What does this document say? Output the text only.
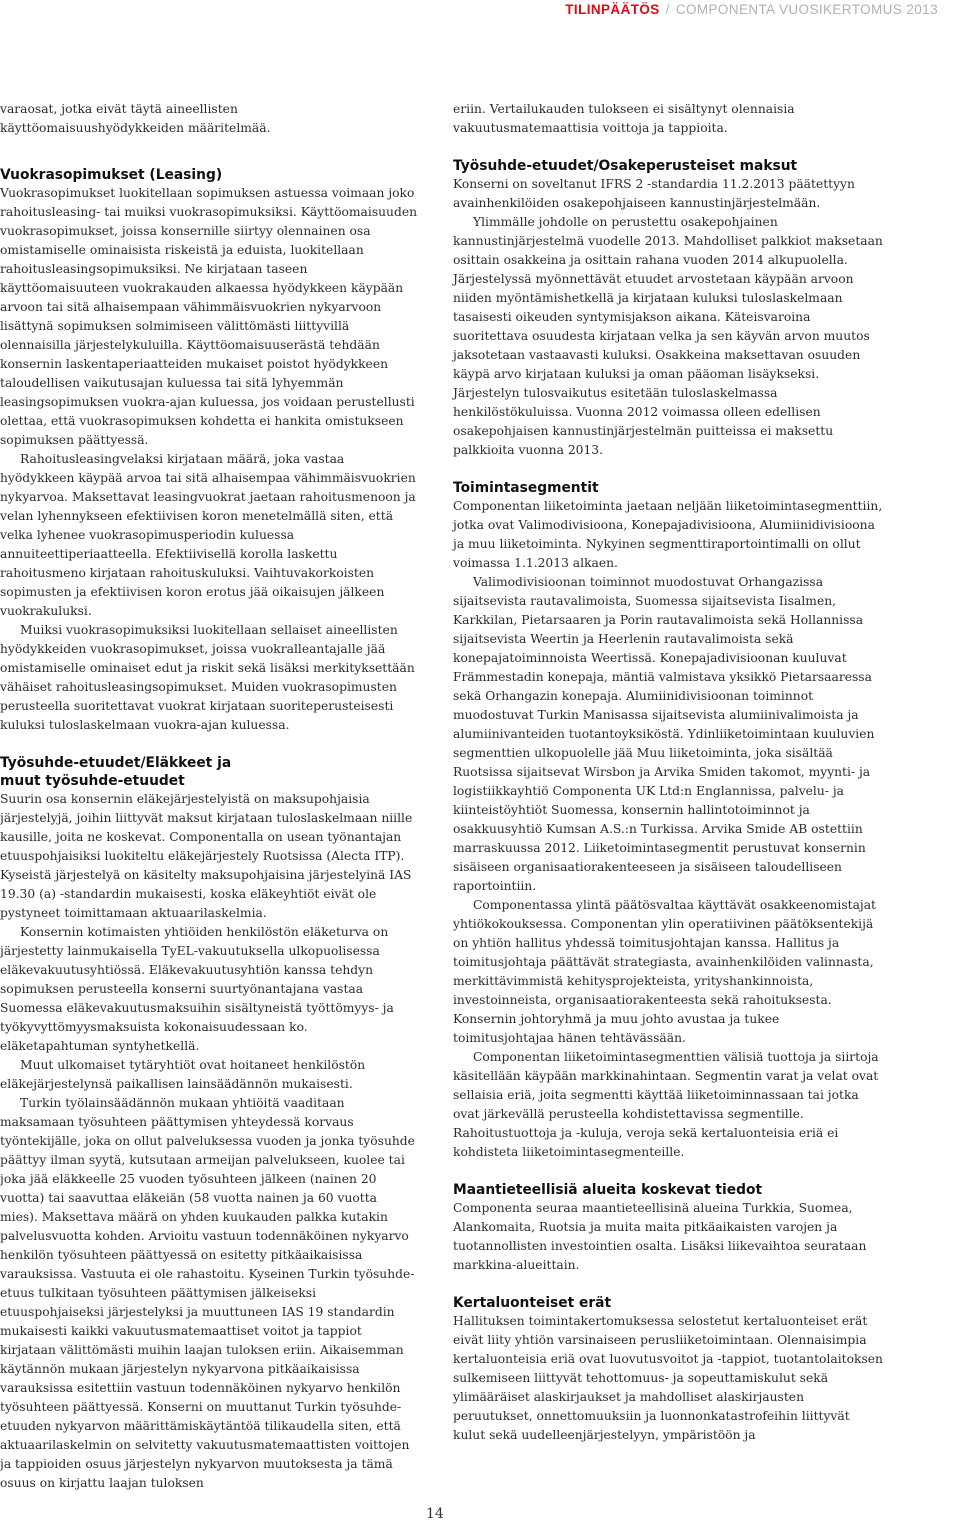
TILINPÄÄTÖS / COMPONENTA VUOSIKERTOMUS 2013

varaosat, jotka eivät täytä aineellisten käyttöomaisuushyödykkeiden määritelmää.

Vuokrasopimukset (Leasing)

Vuokrasopimukset luokitellaan sopimuksen astuessa voimaan joko rahoitusleasing- tai muiksi vuokrasopimuksiksi. Käyttöomaisuuden vuokrasopimukset, joissa konsernille siirtyy olennainen osa omistamiselle ominaisista riskeistä ja eduista, luokitellaan rahoitusleasingsopimuksiksi. Ne kirjataan taseen käyttöomaisuuteen vuokrakauden alkaessa hyödykkeen käypään arvoon tai sitä alhaisempaan vähimmäisvuokrien nykyarvoon lisättynä sopimuksen solmimiseen välittömästi liittyvillä olennaisilla järjestelykuluilla. Käyttöomaisuuserästä tehdään konsernin laskentaperiaatteiden mukaiset poistot hyödykkeen taloudellisen vaikutusajan kuluessa tai sitä lyhyemmän leasingsopimuksen vuokra-ajan kuluessa, jos voidaan perustellusti olettaa, että vuokrasopimuksen kohdetta ei hankita omistukseen sopimuksen päättyessä.

Rahoitusleasingvelaksi kirjataan määrä, joka vastaa hyödykkeen käypää arvoa tai sitä alhaisempaa vähimmäisvuokrien nykyarvoa. Maksettavat leasingvuokrat jaetaan rahoitusmenoon ja velan lyhennykseen efektiivisen koron menetelmällä siten, että velka lyhenee vuokrasopimusperiodin kuluessa annuiteettiperiaatteella. Efektiivisellä korolla laskettu rahoitusmeno kirjataan rahoituskuluksi. Vaihtuvakorkoisten sopimusten ja efektiivisen koron erotus jää oikaisujen jälkeen vuokrakuluksi.

Muiksi vuokrasopimuksiksi luokitellaan sellaiset aineellisten hyödykkeiden vuokrasopimukset, joissa vuokralleantajalle jää omistamiselle ominaiset edut ja riskit sekä lisäksi merkityksettään vähäiset rahoitusleasingsopimukset. Muiden vuokrasopimusten perusteella suoritettavat vuokrat kirjataan suoriteperusteisesti kuluksi tuloslaskelmaan vuokra-ajan kuluessa.

Työsuhde-etuudet/Eläkkeet ja
muut työsuhde-etuudet

Suurin osa konsernin eläkejärjestelyistä on maksupohjaisia järjestelyjä, joihin liittyvät maksut kirjataan tuloslaskelmaan niille kausille, joita ne koskevat. Componentalla on usean työnantajan etuuspohjaisiksi luokiteltu eläkejärjestely Ruotsissa (Alecta ITP). Kyseistä järjestelyä on käsitelty maksupohjaisina järjestelyinä IAS 19.30 (a) -standardin mukaisesti, koska eläkeyhtiöt eivät ole pystyneet toimittamaan aktuaarilaskelmia.

Konsernin kotimaisten yhtiöiden henkilöstön eläketurva on järjestetty lainmukaisella TyEL-vakuutuksella ulkopuolisessa eläkevakuutusyhtiössä. Eläkevakuutusyhtiön kanssa tehdyn sopimuksen perusteella konserni suurtyönantajana vastaa Suomessa eläkevakuutusmaksuihin sisältyneistä työttömyys- ja työkyvyttömyysmaksuista kokonaisuudessaan ko. eläketapahtuman syntyhetkellä.

Muut ulkomaiset tytäryhtiöt ovat hoitaneet henkilöstön eläkejärjestelynsä paikallisen lainsäädännön mukaisesti.

Turkin työlainsäädännön mukaan yhtiöitä vaaditaan maksamaan työsuhteen päättymisen yhteydessä korvaus työntekijälle, joka on ollut palveluksessa vuoden ja jonka työsuhde päättyy ilman syytä, kutsutaan armeijan palvelukseen, kuolee tai joka jää eläkkeelle 25 vuoden työsuhteen jälkeen (nainen 20 vuotta) tai saavuttaa eläkeiän (58 vuotta nainen ja 60 vuotta mies). Maksettava määrä on yhden kuukauden palkka kutakin palvelusvuotta kohden. Arvioitu vastuun todennäköinen nykyarvo henkilön työsuhteen päättyessä on esitetty pitkäaikaisissa varauksissa. Vastuuta ei ole rahastoitu. Kyseinen Turkin työsuhde-etuus tulkitaan työsuhteen päättymisen jälkeiseksi etuuspohjaiseksi järjestelyksi ja muuttuneen IAS 19 standardin mukaisesti kaikki vakuutusmatemaattiset voitot ja tappiot kirjataan välittömästi muihin laajan tuloksen eriin. Aikaisemman käytännön mukaan järjestelyn nykyarvona pitkäaikaisissa varauksissa esitettiin vastuun todennäköinen nykyarvo henkilön työsuhteen päättyessä. Konserni on muuttanut Turkin työsuhde-etuuden nykyarvon määrittämiskäytäntöä tilikaudella siten, että aktuaarilaskelmin on selvitetty vakuutusmatemaattisten voittojen ja tappioiden osuus järjestelyn nykyarvon muutoksesta ja tämä osuus on kirjattu laajan tuloksen

eriin. Vertailukauden tulokseen ei sisältynyt olennaisia vakuutusmatemaattisia voittoja ja tappioita.

Työsuhde-etuudet/Osakeperusteiset maksut

Konserni on soveltanut IFRS 2 -standardia 11.2.2013 päätettyyn avainhenkilöiden osakepohjaiseen kannustinjärjestelmään.

Ylimmälle johdolle on perustettu osakepohjainen kannustinjärjestelmä vuodelle 2013. Mahdolliset palkkiot maksetaan osittain osakkeina ja osittain rahana vuoden 2014 alkupuolella. Järjestelyssä myönnettävät etuudet arvostetaan käypään arvoon niiden myöntämishetkellä ja kirjataan kuluksi tuloslaskelmaan tasaisesti oikeuden syntymisjakson aikana. Käteisvaroina suoritettava osuudesta kirjataan velka ja sen käyvän arvon muutos jaksotetaan vastaavasti kuluksi. Osakkeina maksettavan osuuden käypä arvo kirjataan kuluksi ja oman pääoman lisäykseksi. Järjestelyn tulosvaikutus esitetään tuloslaskelmassa henkilöstökuluissa. Vuonna 2012 voimassa olleen edellisen osakepohjaisen kannustinjärjestelmän puitteissa ei maksettu palkkioita vuonna 2013.

Toimintasegmentit

Componentan liiketoiminta jaetaan neljään liiketoimintasegmenttiin, jotka ovat Valimodivisioona, Konepajadivisioona, Alumiinidivisioona ja muu liiketoiminta. Nykyinen segmenttiraportointimalli on ollut voimassa 1.1.2013 alkaen.

Valimodivisioonan toiminnot muodostuvat Orhangazissa sijaitsevista rautavalimoista, Suomessa sijaitsevista Iisalmen, Karkkilan, Pietarsaaren ja Porin rautavalimoista sekä Hollannissa sijaitsevista Weertin ja Heerlenin rautavalimoista sekä konepajatoiminnoista Weertissä. Konepajadivisioonan kuuluvat Främmestadin konepaja, mäntiä valmistava yksikkö Pietarsaaressa sekä Orhangazin konepaja. Alumiinidivisioonan toiminnot muodostuvat Turkin Manisassa sijaitsevista alumiinivalimoista ja alumiinivanteiden tuotantoyksiköstä. Ydinliiketoimintaan kuuluvien segmenttien ulkopuolelle jää Muu liiketoiminta, joka sisältää Ruotsissa sijaitsevat Wirsbon ja Arvika Smiden takomot, myynti- ja logistiikkayhtiö Componenta UK Ltd:n Englannissa, palvelu- ja kiinteistöyhtiöt Suomessa, konsernin hallintotoiminnot ja osakkuusyhtiö Kumsan A.S.:n Turkissa. Arvika Smide AB ostettiin marraskuussa 2012. Liiketoimintasegmentit perustuvat konsernin sisäiseen organisaatiorakenteeseen ja sisäiseen taloudelliseen raportointiin.

Componentassa ylintä päätösvaltaa käyttävät osakkeenomistajat yhtiökokouksessa. Componentan ylin operatiivinen päätöksentekijä on yhtiön hallitus yhdessä toimitusjohtajan kanssa. Hallitus ja toimitusjohtaja päättävät strategiasta, avainhenkilöiden valinnasta, merkittävimmistä kehitysprojekteista, yrityshankinnoista, investoinneista, organisaatiorakenteesta sekä rahoituksesta. Konsernin johtoryhmä ja muu johto avustaa ja tukee toimitusjohtajaa hänen tehtävässään.

Componentan liiketoimintasegmenttien välisiä tuottoja ja siirtoja käsitellään käypään markkinahintaan. Segmentin varat ja velat ovat sellaisia eriä, joita segmentti käyttää liiketoiminnassaan tai jotka ovat järkevällä perusteella kohdistettavissa segmentille. Rahoitustuottoja ja -kuluja, veroja sekä kertaluonteisia eriä ei kohdisteta liiketoimintasegmenteille.

Maantieteellisiä alueita koskevat tiedot

Componenta seuraa maantieteellisinä alueina Turkkia, Suomea, Alankomaita, Ruotsia ja muita maita pitkäaikaisten varojen ja tuotannollisten investointien osalta. Lisäksi liikevaihtoa seurataan markkina-alueittain.

Kertaluonteiset erät

Hallituksen toimintakertomuksessa selostetut kertaluonteiset erät eivät liity yhtiön varsinaiseen perusliiketoimintaan. Olennaisimpia kertaluonteisia eriä ovat luovutusvoitot ja -tappiot, tuotantolaitoksen sulkemiseen liittyvät tehottomuus- ja sopeuttamiskulut sekä ylimääräiset alaskirjaukset ja mahdolliset alaskirjausten peruutukset, onnettomuuksiin ja luonnonkatastrofeihin liittyvät kulut sekä uudelleenjärjestelyyn, ympäristöön ja

14
